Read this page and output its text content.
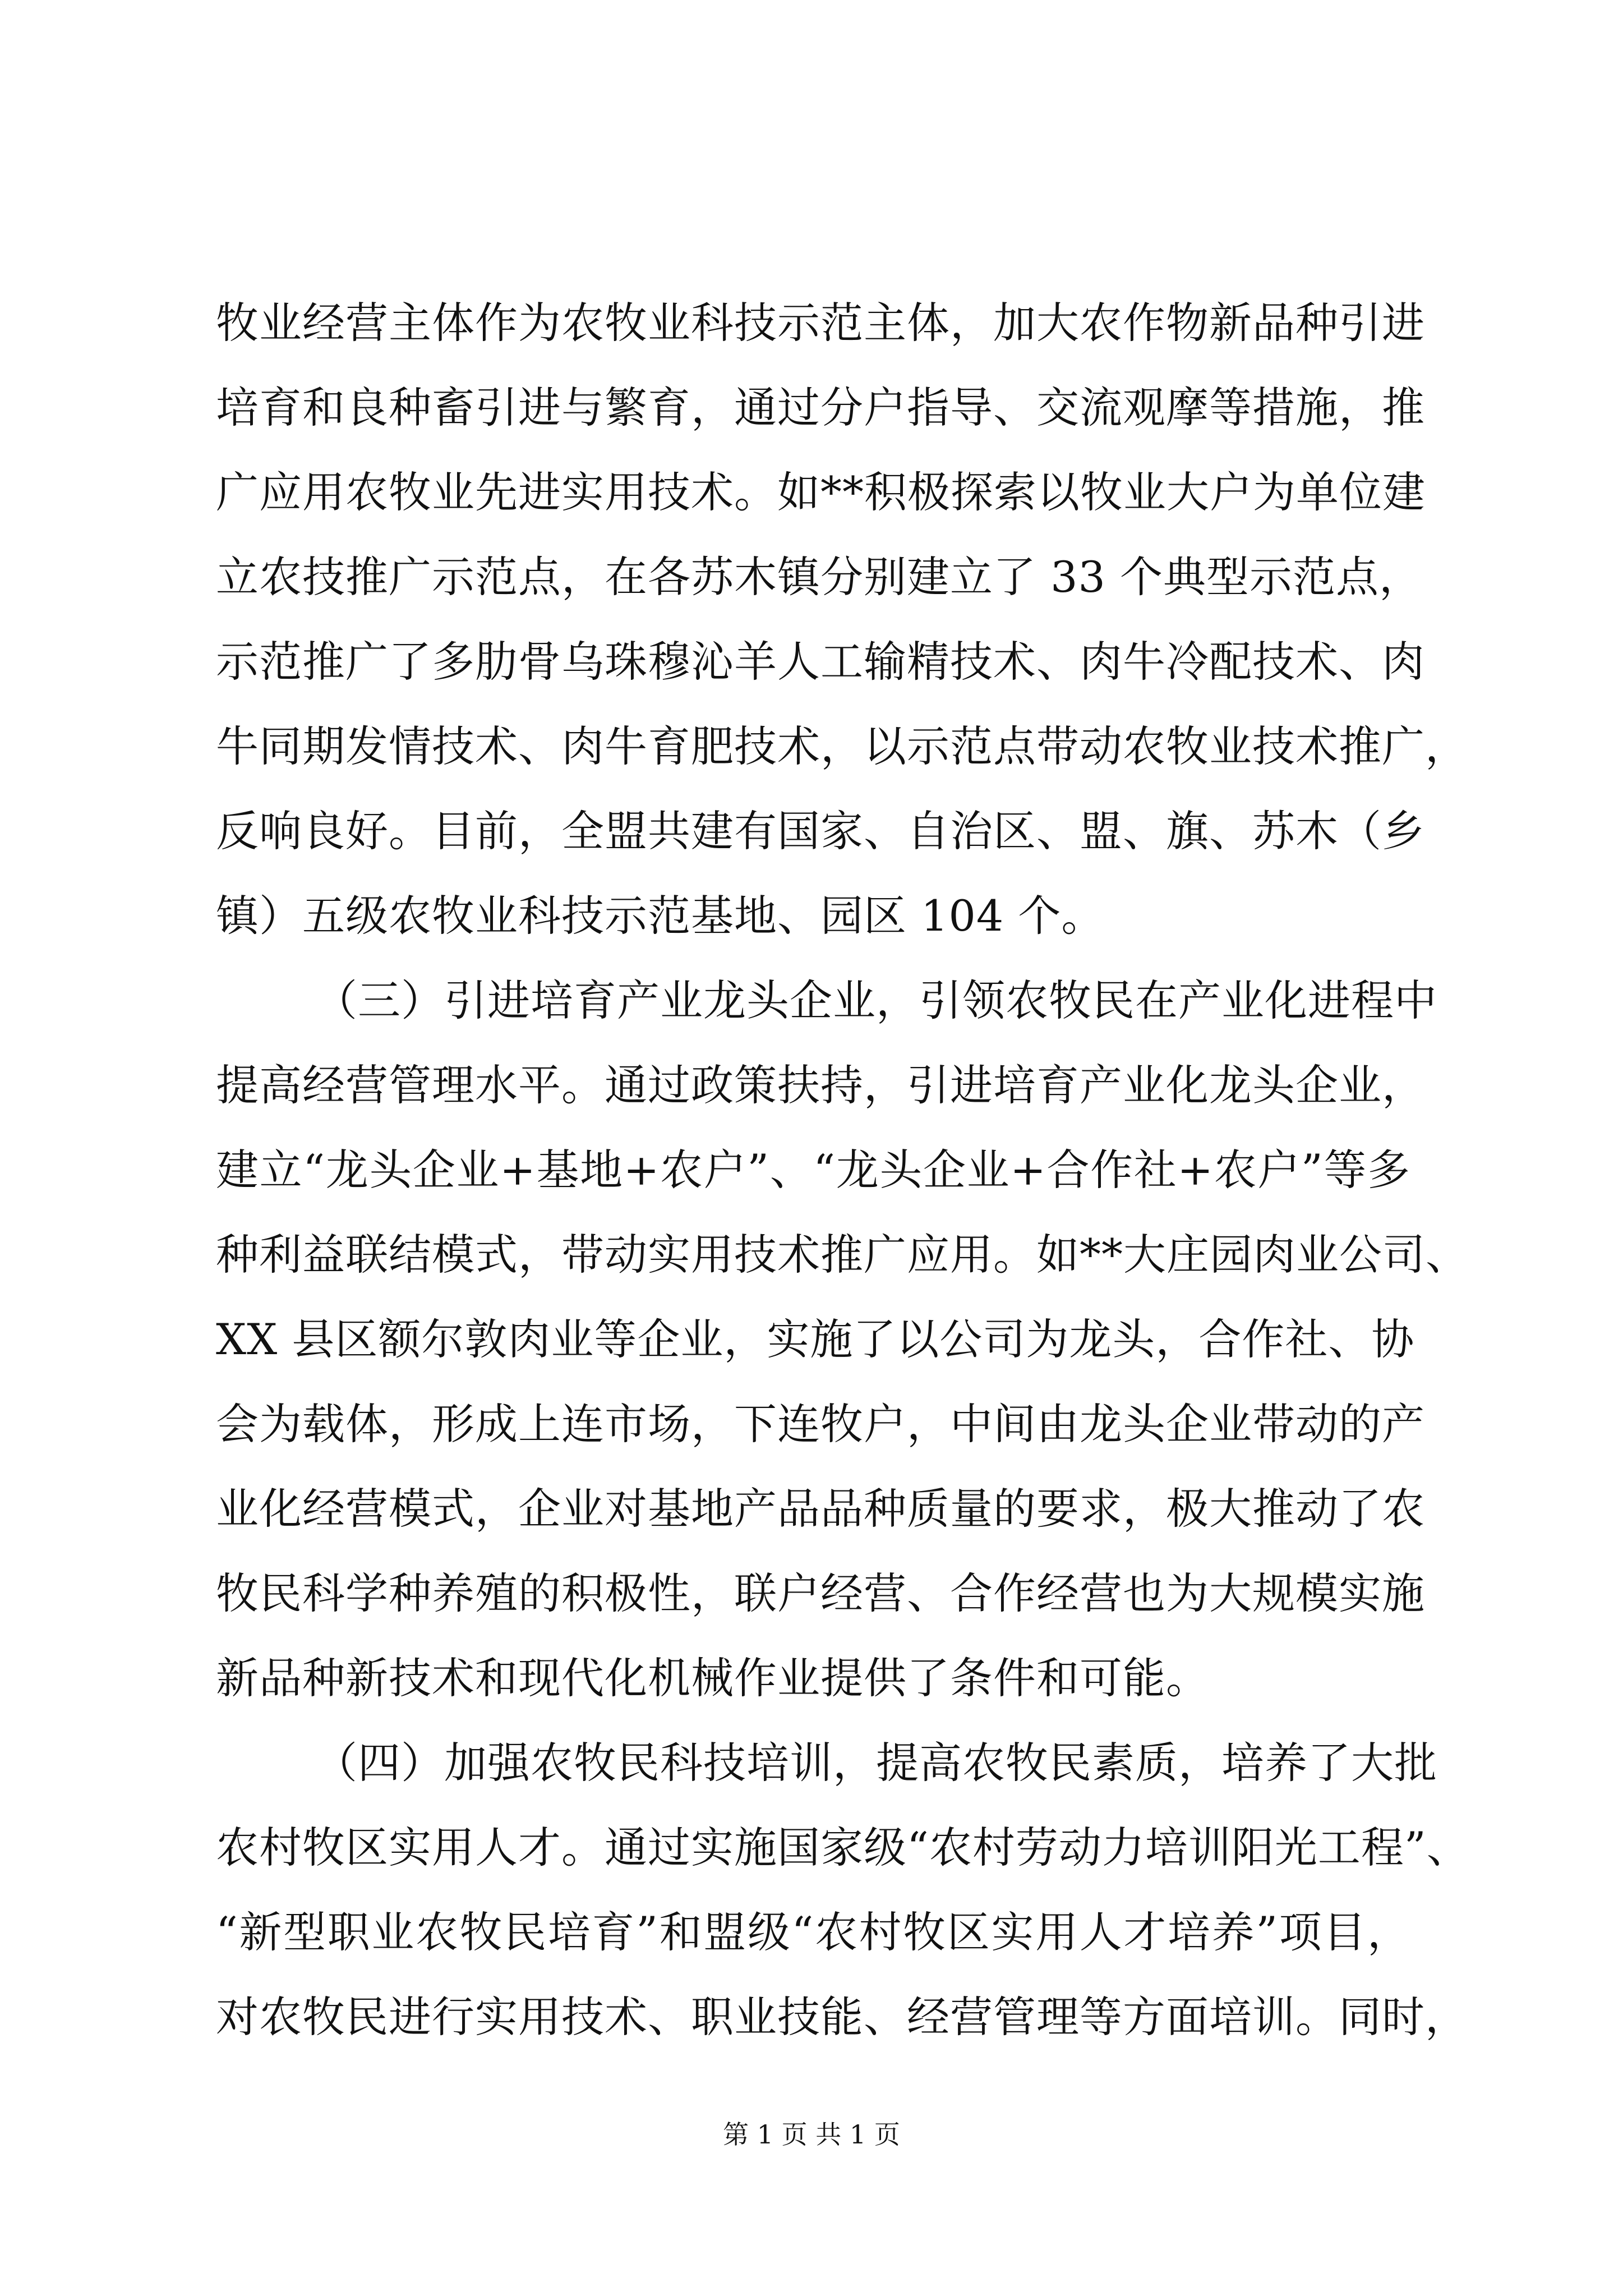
牧业经营主体作为农牧业科技示范主体，加大农作物新品种引进
培育和良种畜引进与繁育，通过分户指导、交流观摩等措施，推
广应用农牧业先进实用技术。如**积极探索以牧业大户为单位建
立农技推广示范点，在各苏木镇分别建立了 33 个典型示范点，
示范推广了多肋骨乌珠穆沁羊人工输精技术、肉牛冷配技术、肉
牛同期发情技术、肉牛育肥技术，以示范点带动农牧业技术推广，
反响良好。目前，全盟共建有国家、自治区、盟、旗、苏木（乡
镇）五级农牧业科技示范基地、园区 104 个。
（三）引进培育产业龙头企业，引领农牧民在产业化进程中
提高经营管理水平。通过政策扶持，引进培育产业化龙头企业，
建立“龙头企业+基地+农户”、“龙头企业+合作社+农户”等多
种利益联结模式，带动实用技术推广应用。如**大庄园肉业公司、
XX 县区额尔敦肉业等企业，实施了以公司为龙头，合作社、协
会为载体，形成上连市场，下连牧户，中间由龙头企业带动的产
业化经营模式，企业对基地产品品种质量的要求，极大推动了农
牧民科学种养殖的积极性，联户经营、合作经营也为大规模实施
新品种新技术和现代化机械作业提供了条件和可能。
（四）加强农牧民科技培训，提高农牧民素质，培养了大批
农村牧区实用人才。通过实施国家级“农村劳动力培训阳光工程”、
“新型职业农牧民培育”和盟级“农村牧区实用人才培养”项目，
对农牧民进行实用技术、职业技能、经营管理等方面培训。同时，
第 1 页 共 1 页
